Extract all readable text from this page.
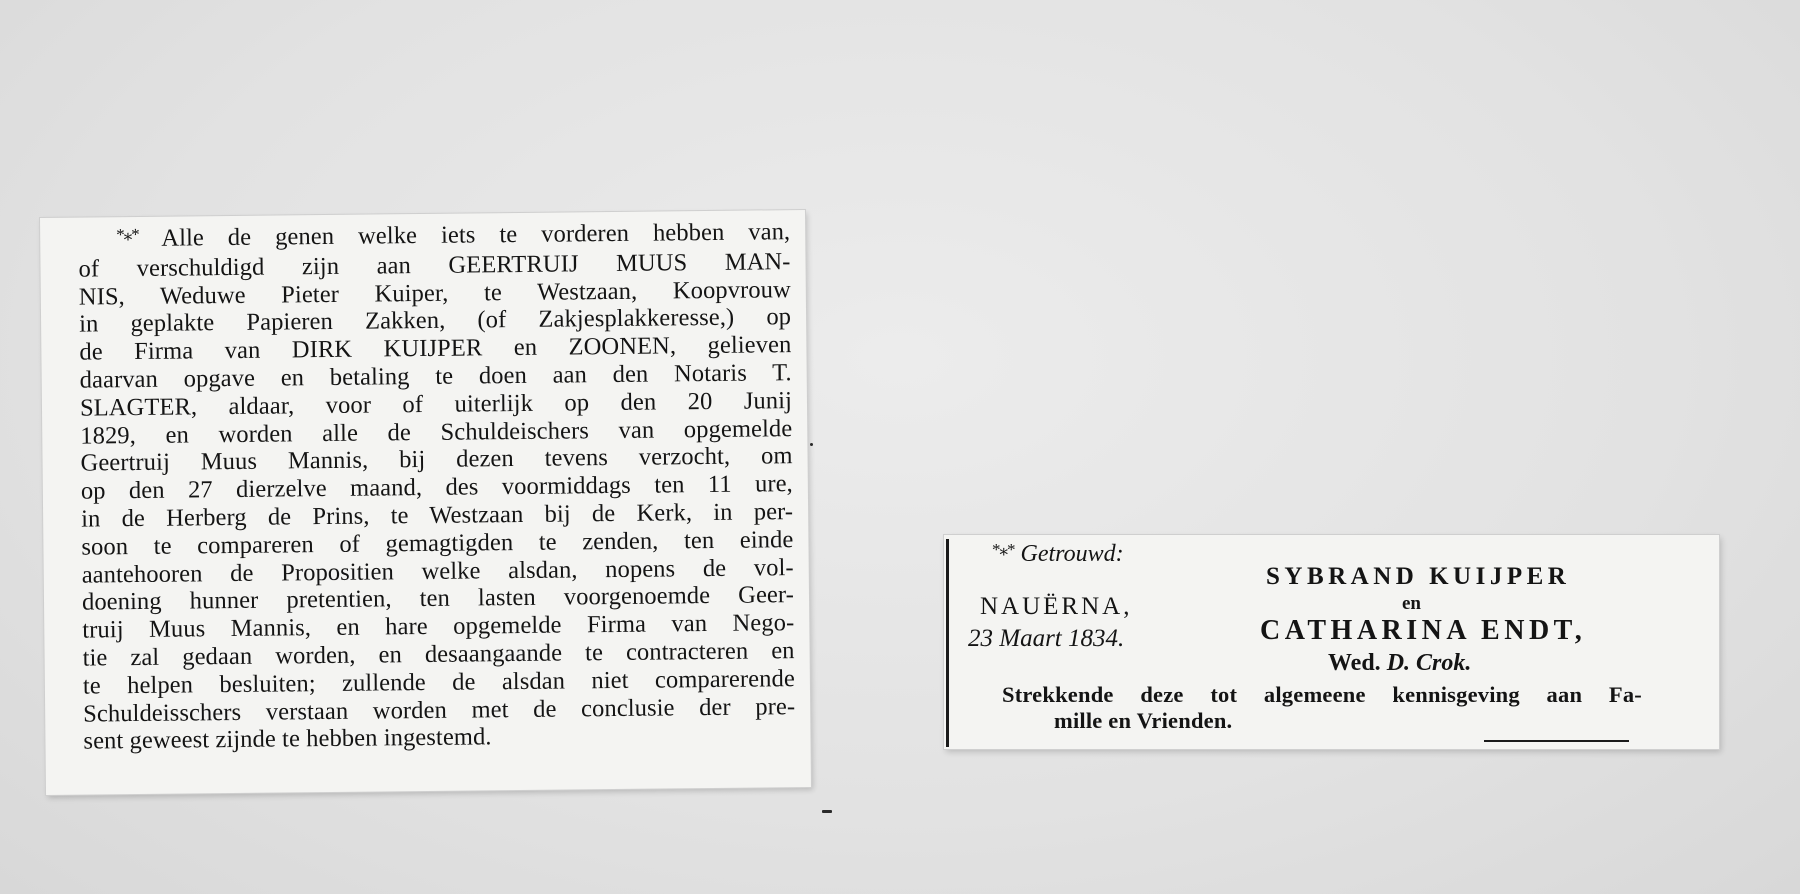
*⁎* Alle de genen welke iets te vorderen hebben van,
of verschuldigd zijn aan GEERTRUIJ MUUS MAN-
NIS, Weduwe Pieter Kuiper, te Westzaan, Koopvrouw
in geplakte Papieren Zakken, (of Zakjesplakkeresse,) op
de Firma van DIRK KUIJPER en ZOONEN, gelieven
daarvan opgave en betaling te doen aan den Notaris T.
SLAGTER, aldaar, voor of uiterlijk op den 20 Junij
1829, en worden alle de Schuldeischers van opgemelde
Geertruij Muus Mannis, bij dezen tevens verzocht, om
op den 27 dierzelve maand, des voormiddags ten 11 ure,
in de Herberg de Prins, te Westzaan bij de Kerk, in per-
soon te compareren of gemagtigden te zenden, ten einde
aantehooren de Propositien welke alsdan, nopens de vol-
doening hunner pretentien, ten lasten voorgenoemde Geer-
truij Muus Mannis, en hare opgemelde Firma van Nego-
tie zal gedaan worden, en desaangaande te contracteren en
te helpen besluiten; zullende de alsdan niet comparerende
Schuldeisschers verstaan worden met de conclusie der pre-
sent geweest zijnde te hebben ingestemd.
*⁎* Getrouwd:
SYBRAND KUIJPER
en
NAUËRNA,
23 Maart 1834.	CATHARINA ENDT,
Wed. D. Crok.
Strekkende deze tot algemeene kennisgeving aan Fa-
mille en Vrienden.
